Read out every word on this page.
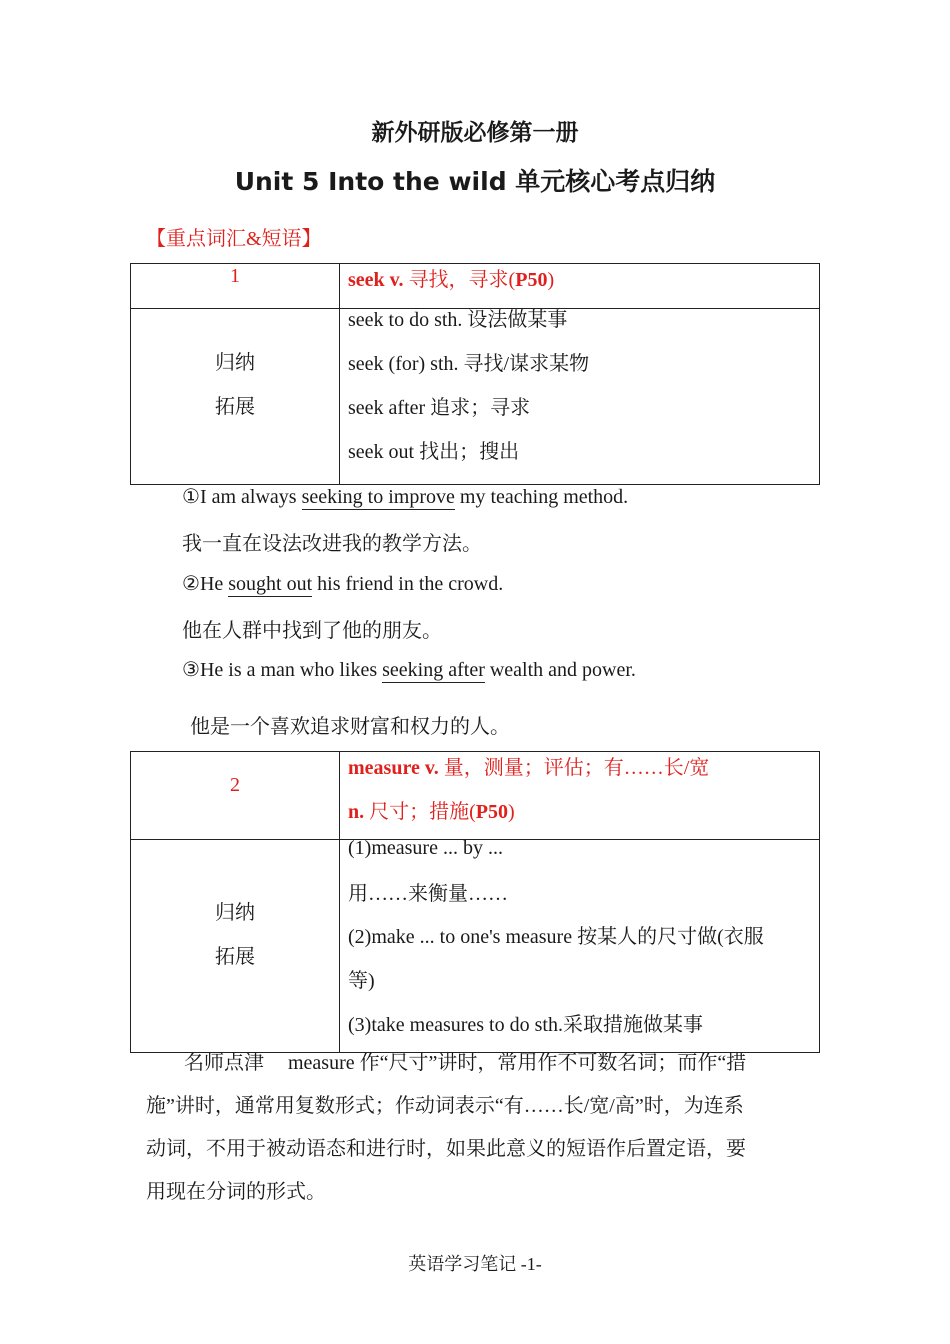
新外研版必修第一册
Unit 5 Into the wild 单元核心考点归纳
【重点词汇&短语】
1	seek v. 寻找，寻求(P50)
归纳
拓展
seek to do sth. 设法做某事
seek (for) sth. 寻找/谋求某物
seek after 追求；寻求
seek out 找出；搜出
①I am always seeking to improve my teaching method.
我一直在设法改进我的教学方法。
②He sought out his friend in the crowd.
他在人群中找到了他的朋友。
③He is a man who likes seeking after wealth and power.
他是一个喜欢追求财富和权力的人。
2
measure v. 量，测量；评估；有……长/宽
n. 尺寸；措施(P50)
归纳
拓展
(1)measure ... by ...
用……来衡量……
(2)make ... to one's measure 按某人的尺寸做(衣服
等)
(3)take measures to do sth.采取措施做某事
名师点津 measure 作“尺寸”讲时，常用作不可数名词；而作“措
施”讲时，通常用复数形式；作动词表示“有……长/宽/高”时，为连系
动词，不用于被动语态和进行时，如果此意义的短语作后置定语，要
用现在分词的形式。
英语学习笔记 -1-
